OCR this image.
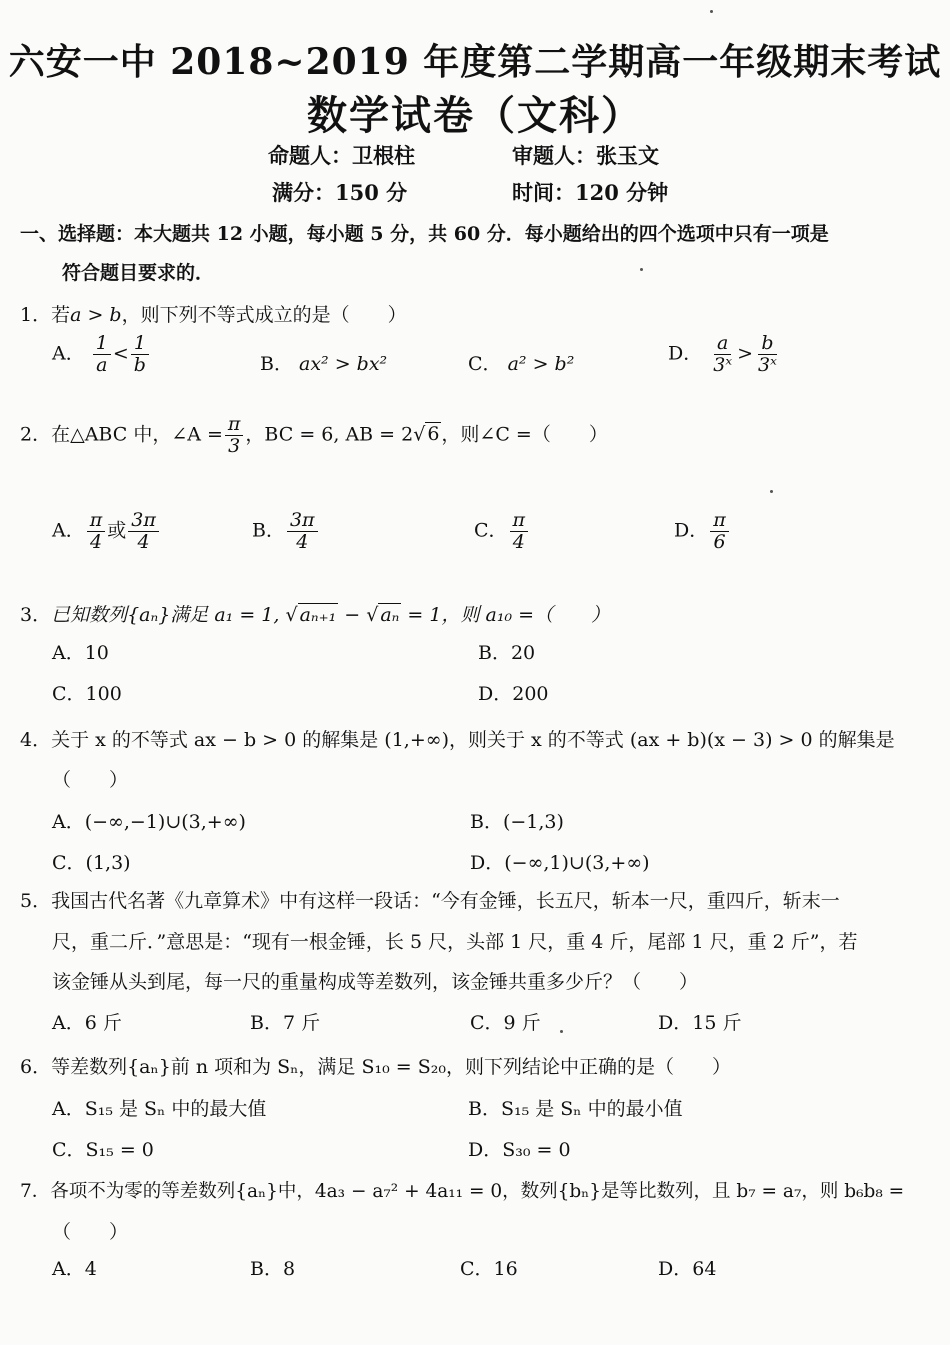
六安一中 2018~2019 年度第二学期高一年级期末考试
数学试卷（文科）
命题人：卫根柱	审题人：张玉文
满分：150 分	时间：120 分钟
一、选择题：本大题共 12 小题，每小题 5 分，共 60 分．每小题给出的四个选项中只有一项是
符合题目要求的．
1．若a > b，则下列不等式成立的是（　　）
A． $\frac{1}{a} < \frac{1}{b}$	B． ax² > bx²	C． a² > b²	D． $\frac{a}{\text{3ˣ}} > \frac{b}{\text{3ˣ}}$
2．在△ABC 中，∠A = $\frac{\pi}{3}$ ，BC = 6, AB = 2√ 6 ，则∠C =（　　）
A． $\frac{\pi}{4}$ 或 $\frac{3\pi}{4}$	B． $\frac{3\pi}{4}$	C． $\frac{\pi}{4}$	D． $\frac{\pi}{6}$
3．已知数列{aₙ}满足 a₁ = 1, √ aₙ₊₁ − √ aₙ = 1，则 a₁₀ =（　　）
A．10	B．20
C．100	D．200
4．关于 x 的不等式 ax − b > 0 的解集是 (1,+∞)，则关于 x 的不等式 (ax + b)(x − 3) > 0 的解集是
（　　）
A．(−∞,−1)∪(3,+∞)	B．(−1,3)
C．(1,3)	D．(−∞,1)∪(3,+∞)
5．我国古代名著《九章算术》中有这样一段话：“今有金锤，长五尺，斩本一尺，重四斤，斩末一
尺，重二斤．”意思是：“现有一根金锤，长 5 尺，头部 1 尺，重 4 斤，尾部 1 尺，重 2 斤”，若
该金锤从头到尾，每一尺的重量构成等差数列，该金锤共重多少斤？（　　）
A．6 斤	B．7 斤	C．9 斤	D．15 斤
6．等差数列{aₙ}前 n 项和为 Sₙ，满足 S₁₀ = S₂₀，则下列结论中正确的是（　　）
A．S₁₅ 是 Sₙ 中的最大值	B．S₁₅ 是 Sₙ 中的最小值
C．S₁₅ = 0	D．S₃₀ = 0
7．各项不为零的等差数列{aₙ}中，4a₃ − a₇² + 4a₁₁ = 0，数列{bₙ}是等比数列，且 b₇ = a₇，则 b₆b₈ =
（　　）
A．4	B．8	C．16	D．64
